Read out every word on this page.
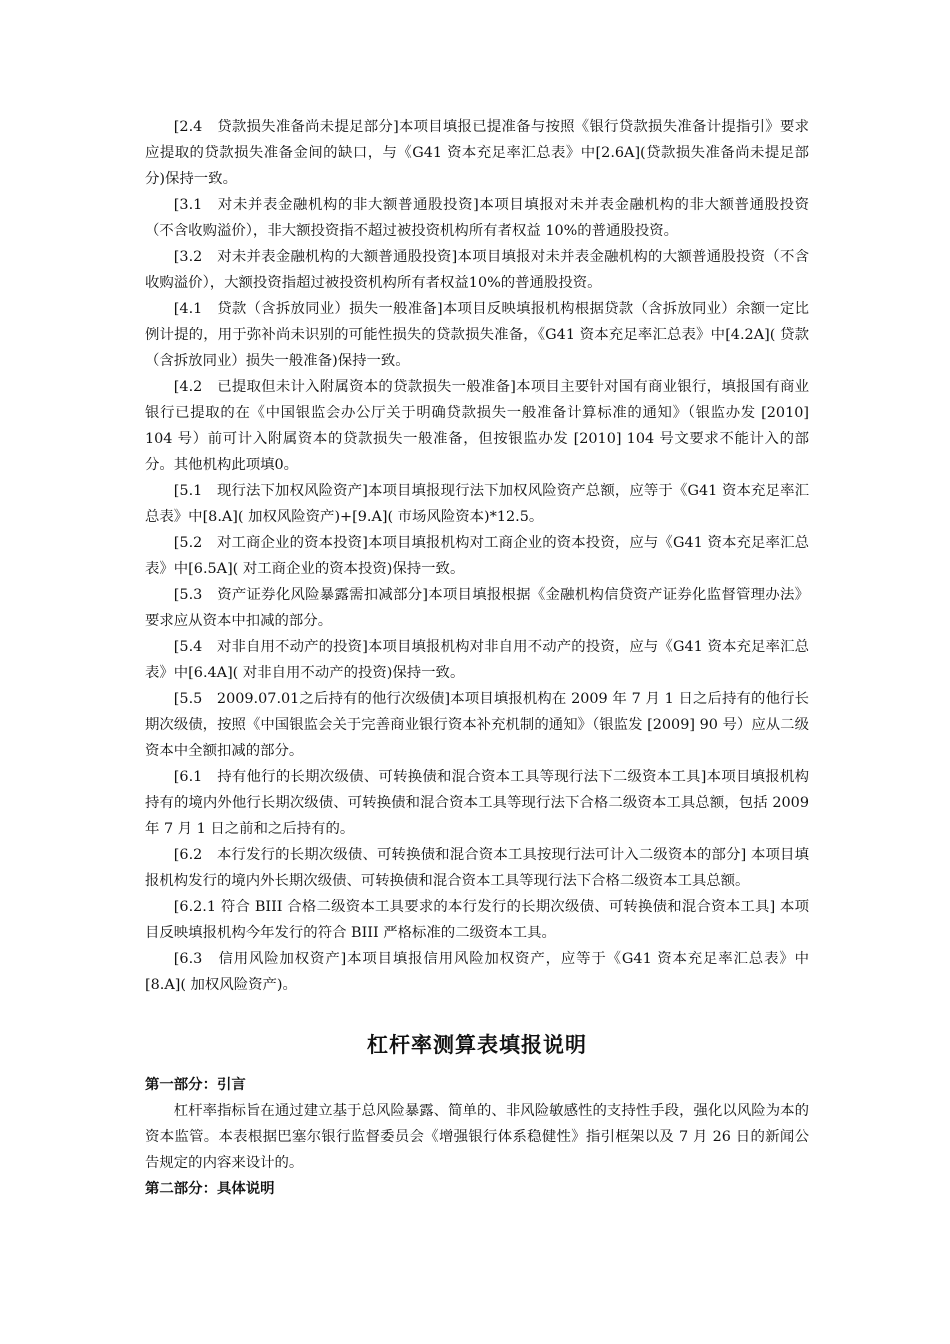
[2.4　贷款损失准备尚未提足部分]本项目填报已提准备与按照《银行贷款损失准备计提指引》要求应提取的贷款损失准备金间的缺口，与《G41 资本充足率汇总表》中[2.6A](贷款损失准备尚未提足部分)保持一致。

[3.1　对未并表金融机构的非大额普通股投资]本项目填报对未并表金融机构的非大额普通股投资（不含收购溢价），非大额投资指不超过被投资机构所有者权益 10%的普通股投资。

[3.2　对未并表金融机构的大额普通股投资]本项目填报对未并表金融机构的大额普通股投资（不含收购溢价），大额投资指超过被投资机构所有者权益10%的普通股投资。

[4.1　贷款（含拆放同业）损失一般准备]本项目反映填报机构根据贷款（含拆放同业）余额一定比例计提的，用于弥补尚未识别的可能性损失的贷款损失准备，《G41 资本充足率汇总表》中[4.2A]( 贷款（含拆放同业）损失一般准备)保持一致。

[4.2　已提取但未计入附属资本的贷款损失一般准备]本项目主要针对国有商业银行，填报国有商业银行已提取的在《中国银监会办公厅关于明确贷款损失一般准备计算标准的通知》（银监办发 [2010] 104 号）前可计入附属资本的贷款损失一般准备，但按银监办发 [2010] 104 号文要求不能计入的部分。其他机构此项填0。

[5.1　现行法下加权风险资产]本项目填报现行法下加权风险资产总额，应等于《G41 资本充足率汇总表》中[8.A]( 加权风险资产)+[9.A]( 市场风险资本)*12.5。

[5.2　对工商企业的资本投资]本项目填报机构对工商企业的资本投资，应与《G41 资本充足率汇总表》中[6.5A]( 对工商企业的资本投资)保持一致。

[5.3　资产证券化风险暴露需扣减部分]本项目填报根据《金融机构信贷资产证券化监督管理办法》要求应从资本中扣减的部分。

[5.4　对非自用不动产的投资]本项目填报机构对非自用不动产的投资，应与《G41 资本充足率汇总表》中[6.4A]( 对非自用不动产的投资)保持一致。

[5.5　2009.07.01之后持有的他行次级债]本项目填报机构在 2009 年 7 月 1 日之后持有的他行长期次级债，按照《中国银监会关于完善商业银行资本补充机制的通知》（银监发 [2009] 90 号）应从二级资本中全额扣减的部分。

[6.1　持有他行的长期次级债、可转换债和混合资本工具等现行法下二级资本工具]本项目填报机构持有的境内外他行长期次级债、可转换债和混合资本工具等现行法下合格二级资本工具总额，包括 2009 年 7 月 1 日之前和之后持有的。

[6.2　本行发行的长期次级债、可转换债和混合资本工具按现行法可计入二级资本的部分] 本项目填报机构发行的境内外长期次级债、可转换债和混合资本工具等现行法下合格二级资本工具总额。

[6.2.1 符合 BIII 合格二级资本工具要求的本行发行的长期次级债、可转换债和混合资本工具] 本项目反映填报机构今年发行的符合 BIII 严格标准的二级资本工具。

[6.3　信用风险加权资产]本项目填报信用风险加权资产，应等于《G41 资本充足率汇总表》中[8.A]( 加权风险资产)。

杠杆率测算表填报说明

第一部分：引言

杠杆率指标旨在通过建立基于总风险暴露、简单的、非风险敏感性的支持性手段，强化以风险为本的资本监管。本表根据巴塞尔银行监督委员会《增强银行体系稳健性》指引框架以及 7 月 26 日的新闻公告规定的内容来设计的。

第二部分：具体说明
